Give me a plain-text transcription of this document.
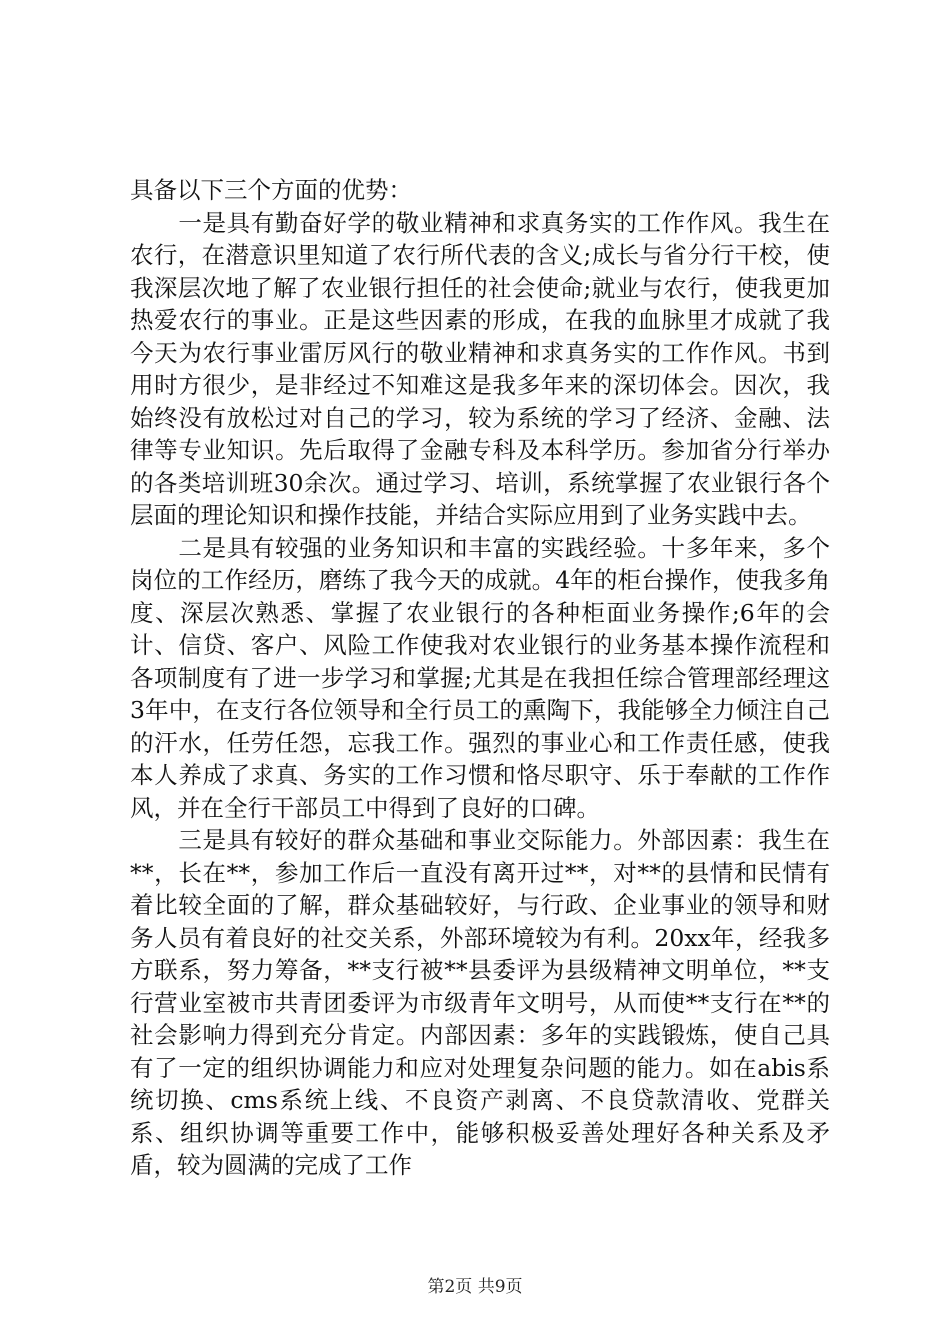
具备以下三个方面的优势：

　　一是具有勤奋好学的敬业精神和求真务实的工作作风。我生在农行，在潜意识里知道了农行所代表的含义;成长与省分行干校，使我深层次地了解了农业银行担任的社会使命;就业与农行，使我更加热爱农行的事业。正是这些因素的形成，在我的血脉里才成就了我今天为农行事业雷厉风行的敬业精神和求真务实的工作作风。书到用时方很少，是非经过不知难这是我多年来的深切体会。因次，我始终没有放松过对自己的学习，较为系统的学习了经济、金融、法律等专业知识。先后取得了金融专科及本科学历。参加省分行举办的各类培训班30余次。通过学习、培训，系统掌握了农业银行各个层面的理论知识和操作技能，并结合实际应用到了业务实践中去。

　　二是具有较强的业务知识和丰富的实践经验。十多年来，多个岗位的工作经历，磨练了我今天的成就。4年的柜台操作，使我多角度、深层次熟悉、掌握了农业银行的各种柜面业务操作;6年的会计、信贷、客户、风险工作使我对农业银行的业务基本操作流程和各项制度有了进一步学习和掌握;尤其是在我担任综合管理部经理这3年中，在支行各位领导和全行员工的熏陶下，我能够全力倾注自己的汗水，任劳任怨，忘我工作。强烈的事业心和工作责任感，使我本人养成了求真、务实的工作习惯和恪尽职守、乐于奉献的工作作风，并在全行干部员工中得到了良好的口碑。

　　三是具有较好的群众基础和事业交际能力。外部因素：我生在**，长在**，参加工作后一直没有离开过**，对**的县情和民情有着比较全面的了解，群众基础较好，与行政、企业事业的领导和财务人员有着良好的社交关系，外部环境较为有利。20xx年，经我多方联系，努力筹备，**支行被**县委评为县级精神文明单位，**支行营业室被市共青团委评为市级青年文明号，从而使**支行在**的社会影响力得到充分肯定。内部因素：多年的实践锻炼，使自己具有了一定的组织协调能力和应对处理复杂问题的能力。如在abis系统切换、cms系统上线、不良资产剥离、不良贷款清收、党群关系、组织协调等重要工作中，能够积极妥善处理好各种关系及矛盾，较为圆满的完成了工作

第2页 共9页
